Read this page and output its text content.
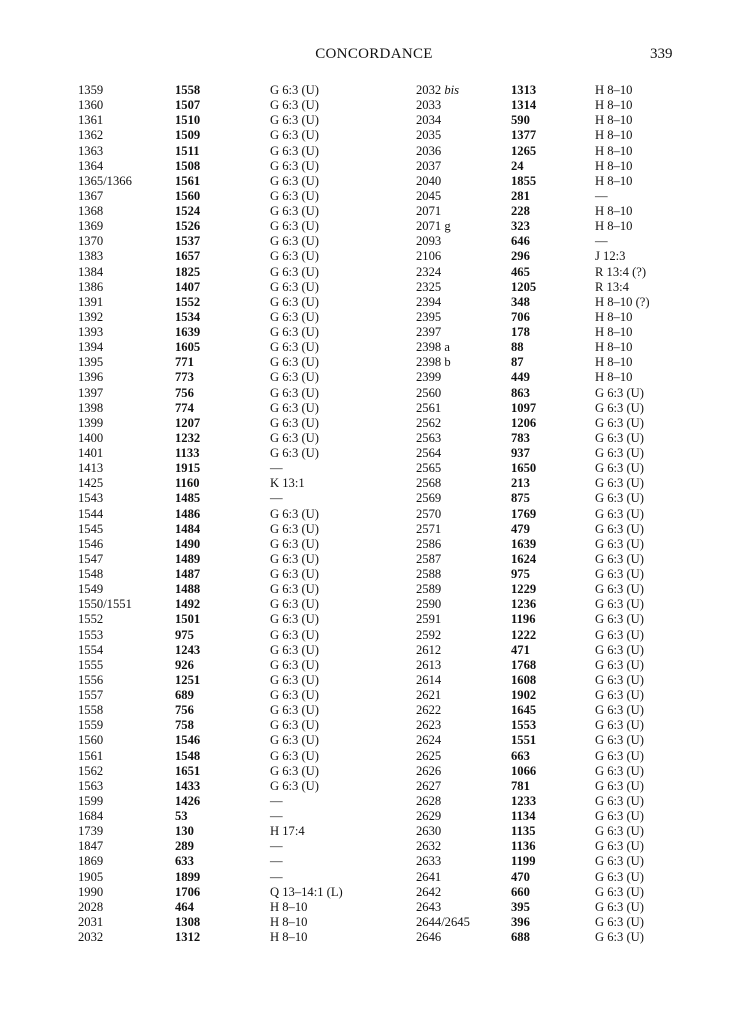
CONCORDANCE	339
1359	1558	G 6:3 (U)	2032 bis	1313	H 8–10
1360	1507	G 6:3 (U)	2033	1314	H 8–10
1361	1510	G 6:3 (U)	2034	590	H 8–10
1362	1509	G 6:3 (U)	2035	1377	H 8–10
1363	1511	G 6:3 (U)	2036	1265	H 8–10
1364	1508	G 6:3 (U)	2037	24	H 8–10
1365/1366	1561	G 6:3 (U)	2040	1855	H 8–10
1367	1560	G 6:3 (U)	2045	281	—
1368	1524	G 6:3 (U)	2071	228	H 8–10
1369	1526	G 6:3 (U)	2071 g	323	H 8–10
1370	1537	G 6:3 (U)	2093	646	—
1383	1657	G 6:3 (U)	2106	296	J 12:3
1384	1825	G 6:3 (U)	2324	465	R 13:4 (?)
1386	1407	G 6:3 (U)	2325	1205	R 13:4
1391	1552	G 6:3 (U)	2394	348	H 8–10 (?)
1392	1534	G 6:3 (U)	2395	706	H 8–10
1393	1639	G 6:3 (U)	2397	178	H 8–10
1394	1605	G 6:3 (U)	2398 a	88	H 8–10
1395	771	G 6:3 (U)	2398 b	87	H 8–10
1396	773	G 6:3 (U)	2399	449	H 8–10
1397	756	G 6:3 (U)	2560	863	G 6:3 (U)
1398	774	G 6:3 (U)	2561	1097	G 6:3 (U)
1399	1207	G 6:3 (U)	2562	1206	G 6:3 (U)
1400	1232	G 6:3 (U)	2563	783	G 6:3 (U)
1401	1133	G 6:3 (U)	2564	937	G 6:3 (U)
1413	1915	—	2565	1650	G 6:3 (U)
1425	1160	K 13:1	2568	213	G 6:3 (U)
1543	1485	—	2569	875	G 6:3 (U)
1544	1486	G 6:3 (U)	2570	1769	G 6:3 (U)
1545	1484	G 6:3 (U)	2571	479	G 6:3 (U)
1546	1490	G 6:3 (U)	2586	1639	G 6:3 (U)
1547	1489	G 6:3 (U)	2587	1624	G 6:3 (U)
1548	1487	G 6:3 (U)	2588	975	G 6:3 (U)
1549	1488	G 6:3 (U)	2589	1229	G 6:3 (U)
1550/1551	1492	G 6:3 (U)	2590	1236	G 6:3 (U)
1552	1501	G 6:3 (U)	2591	1196	G 6:3 (U)
1553	975	G 6:3 (U)	2592	1222	G 6:3 (U)
1554	1243	G 6:3 (U)	2612	471	G 6:3 (U)
1555	926	G 6:3 (U)	2613	1768	G 6:3 (U)
1556	1251	G 6:3 (U)	2614	1608	G 6:3 (U)
1557	689	G 6:3 (U)	2621	1902	G 6:3 (U)
1558	756	G 6:3 (U)	2622	1645	G 6:3 (U)
1559	758	G 6:3 (U)	2623	1553	G 6:3 (U)
1560	1546	G 6:3 (U)	2624	1551	G 6:3 (U)
1561	1548	G 6:3 (U)	2625	663	G 6:3 (U)
1562	1651	G 6:3 (U)	2626	1066	G 6:3 (U)
1563	1433	G 6:3 (U)	2627	781	G 6:3 (U)
1599	1426	—	2628	1233	G 6:3 (U)
1684	53	—	2629	1134	G 6:3 (U)
1739	130	H 17:4	2630	1135	G 6:3 (U)
1847	289	—	2632	1136	G 6:3 (U)
1869	633	—	2633	1199	G 6:3 (U)
1905	1899	—	2641	470	G 6:3 (U)
1990	1706	Q 13–14:1 (L)	2642	660	G 6:3 (U)
2028	464	H 8–10	2643	395	G 6:3 (U)
2031	1308	H 8–10	2644/2645	396	G 6:3 (U)
2032	1312	H 8–10	2646	688	G 6:3 (U)
